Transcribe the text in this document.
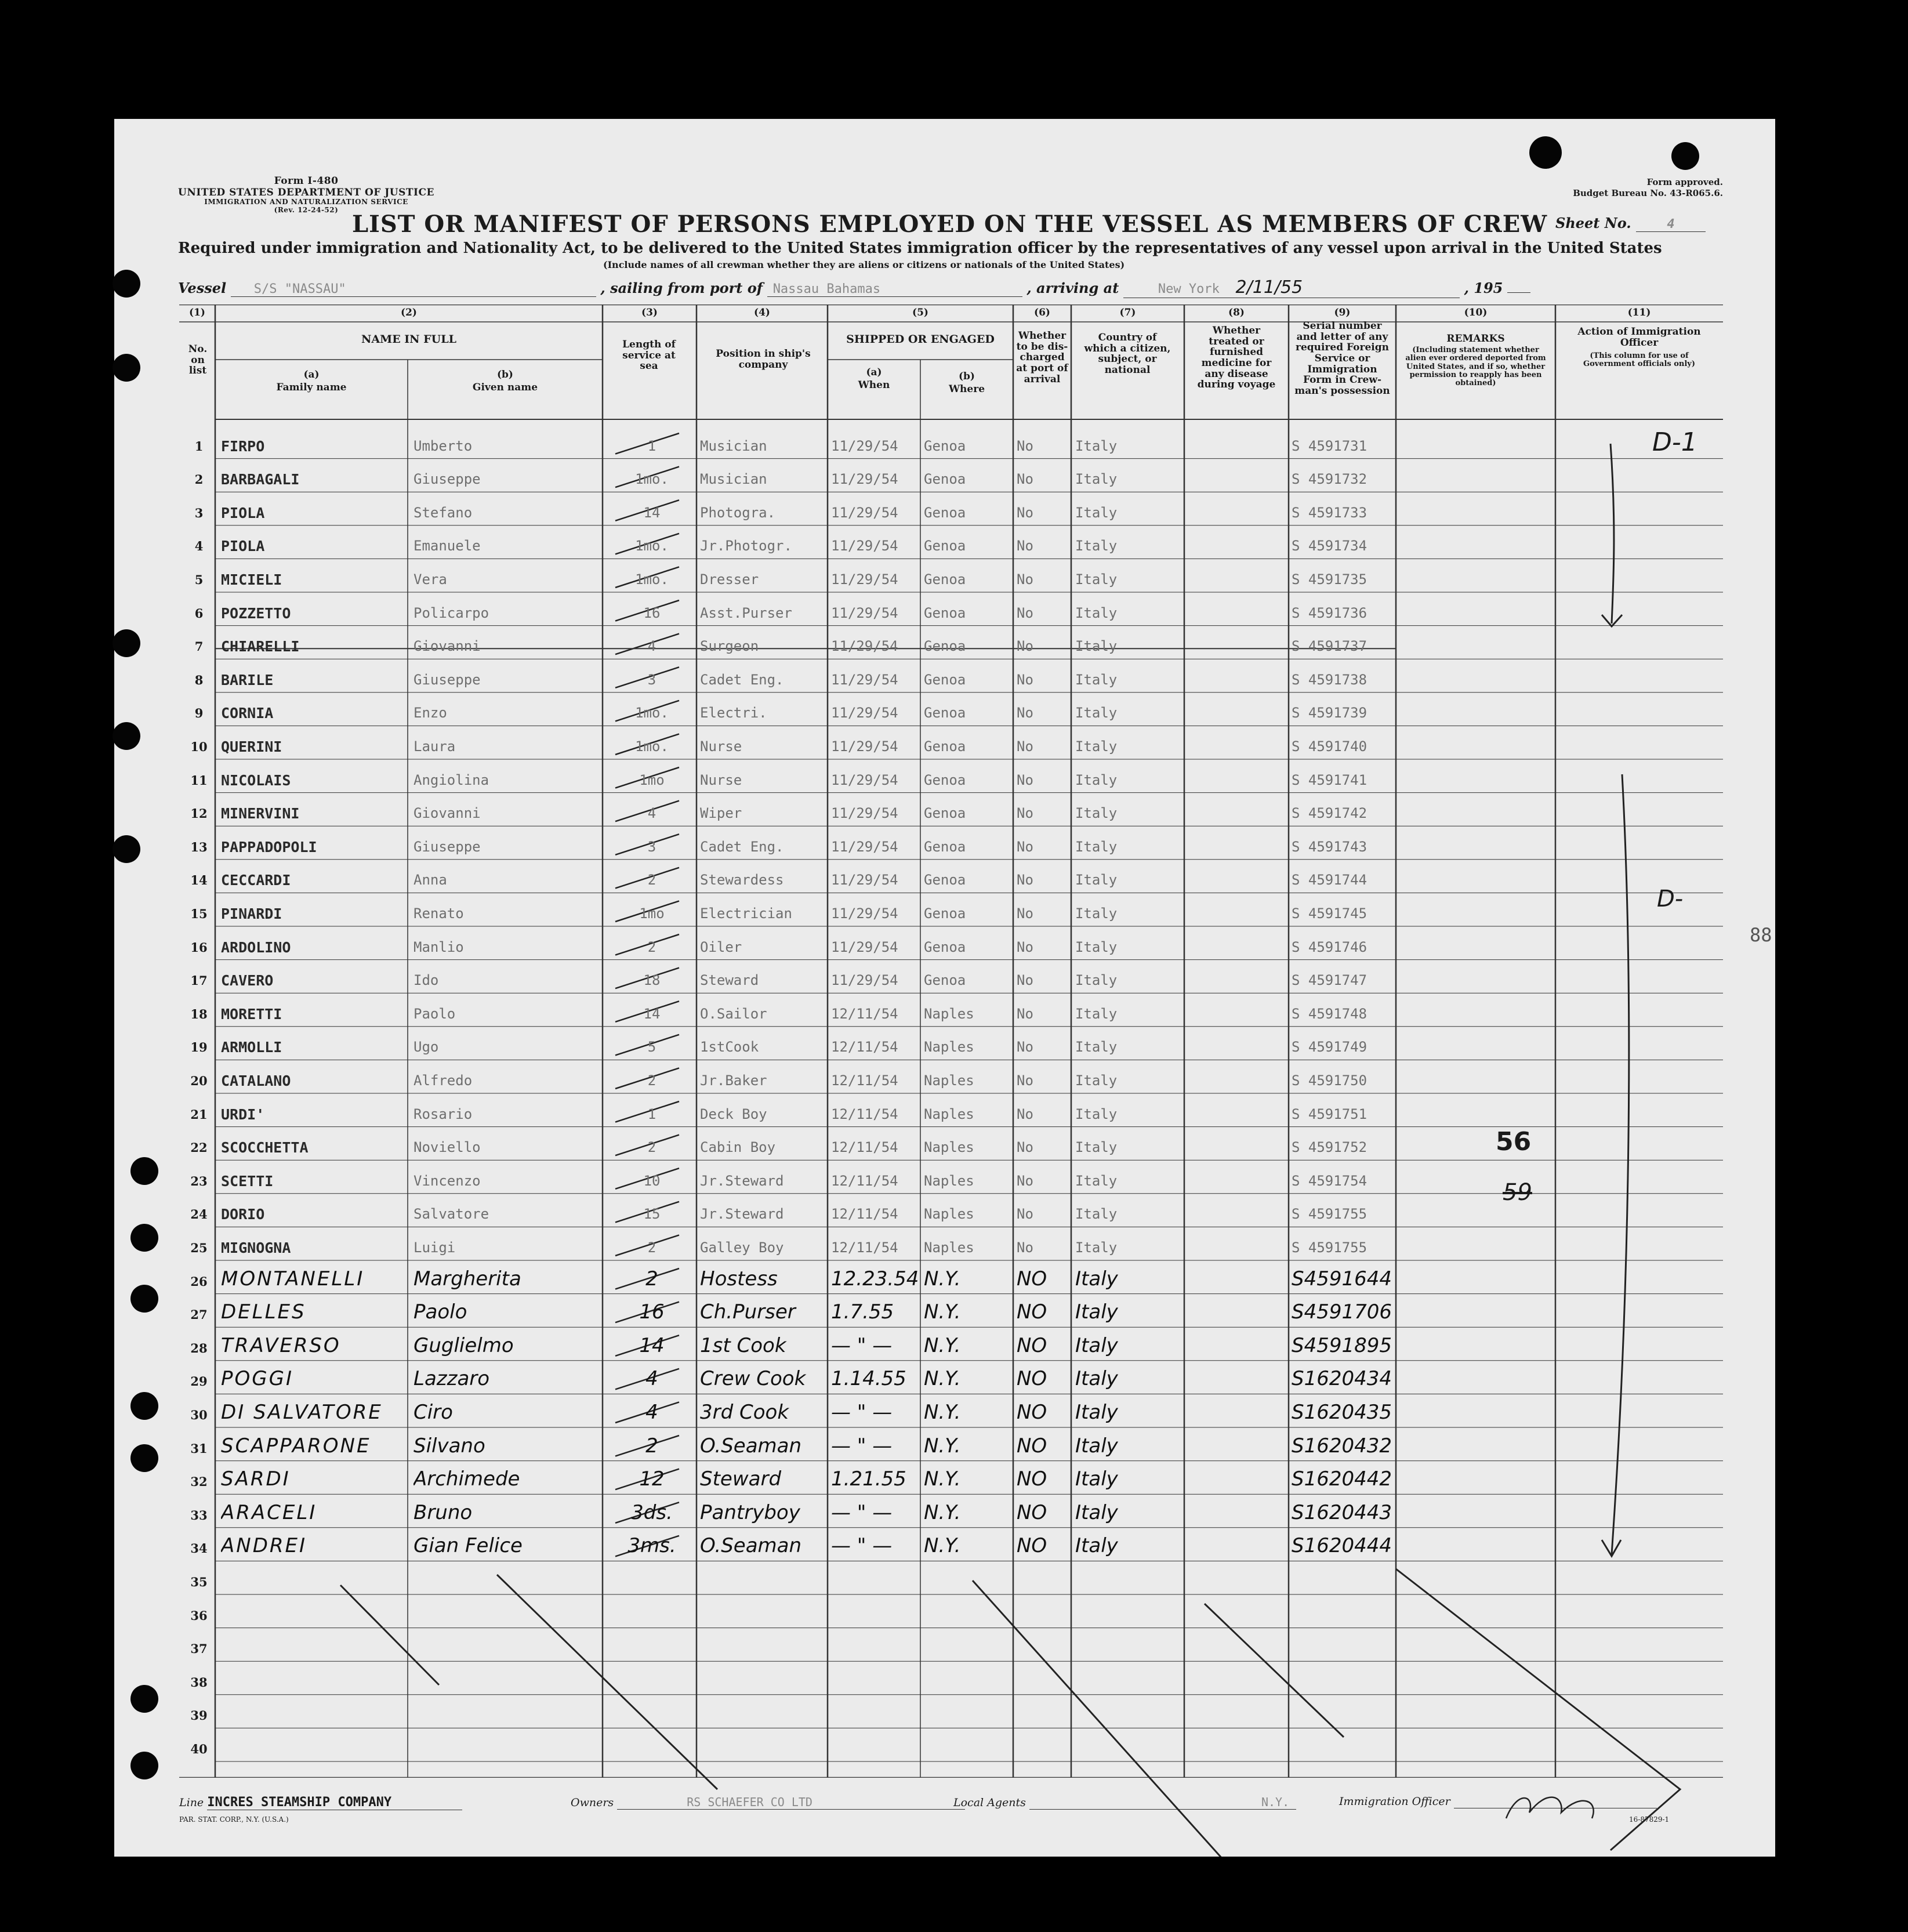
Form I-480
UNITED STATES DEPARTMENT OF JUSTICE
IMMIGRATION AND NATURALIZATION SERVICE
(Rev. 12-24-52)
Form approved.
Budget Bureau No. 43-R065.6.
LIST OR MANIFEST OF PERSONS EMPLOYED ON THE VESSEL AS MEMBERS OF CREW Sheet No.	4
Required under immigration and Nationality Act, to be delivered to the United States immigration officer by the representatives of any vessel upon arrival in the United States
(Include names of all crewman whether they are aliens or citizens or nationals of the United States)
Vessel S/S "NASSAU"	, sailing from port of Nassau Bahamas	, arriving at	New York 2/11/55	, 195
(1)	(2)	(3)	(4)	(5)	(6)	(7)	(8)	(9)	(10)	(11)
No. on list
NAME IN FULL
(a)
Family name
(b)
Given name
Length of service at sea
Position in ship's company
SHIPPED OR ENGAGED
(a)
When
(b)
Where
Whether to be dis-charged at port of arrival
Country of which a citizen, subject, or national
Whether treated or furnished medicine for any disease during voyage
Serial number and letter of any required Foreign Service or Immigration Form in Crew-man's possession
REMARKS
(Including statement whether alien ever ordered deported from United States, and if so, whether permission to reapply has been obtained)
Action of Immigration Officer
(This column for use of Government officials only)
1	FIRPO	Umberto	1	Musician	11/29/54	Genoa	No	Italy	S 4591731
2	BARBAGALI	Giuseppe	1mo.	Musician	11/29/54	Genoa	No	Italy	S 4591732
3	PIOLA	Stefano	14	Photogra.	11/29/54	Genoa	No	Italy	S 4591733
4	PIOLA	Emanuele	1mo.	Jr.Photogr.	11/29/54	Genoa	No	Italy	S 4591734
5	MICIELI	Vera	1mo.	Dresser	11/29/54	Genoa	No	Italy	S 4591735
6	POZZETTO	Policarpo	16	Asst.Purser	11/29/54	Genoa	No	Italy	S 4591736
7	CHIARELLI	Giovanni	4	Surgeon	11/29/54	Genoa	No	Italy	S 4591737
8	BARILE	Giuseppe	3	Cadet Eng.	11/29/54	Genoa	No	Italy	S 4591738
9	CORNIA	Enzo	1mo.	Electri.	11/29/54	Genoa	No	Italy	S 4591739
10 QUERINI	Laura	1mo.	Nurse	11/29/54	Genoa	No	Italy	S 4591740
11 NICOLAIS	Angiolina	1mo	Nurse	11/29/54	Genoa	No	Italy	S 4591741
12 MINERVINI	Giovanni	4	Wiper	11/29/54	Genoa	No	Italy	S 4591742
13 PAPPADOPOLI	Giuseppe	3	Cadet Eng.	11/29/54	Genoa	No	Italy	S 4591743
14 CECCARDI	Anna	2	Stewardess	11/29/54	Genoa	No	Italy	S 4591744
15 PINARDI	Renato	1mo	Electrician	11/29/54	Genoa	No	Italy	S 4591745
16 ARDOLINO	Manlio	2	Oiler	11/29/54	Genoa	No	Italy	S 4591746
17 CAVERO	Ido	18	Steward	11/29/54	Genoa	No	Italy	S 4591747
18 MORETTI	Paolo	14	O.Sailor	12/11/54	Naples	No	Italy	S 4591748
19 ARMOLLI	Ugo	5	1stCook	12/11/54	Naples	No	Italy	S 4591749
20 CATALANO	Alfredo	2	Jr.Baker	12/11/54	Naples	No	Italy	S 4591750
21 URDI'	Rosario	1	Deck Boy	12/11/54	Naples	No	Italy	S 4591751
22 SCOCCHETTA	Noviello	2	Cabin Boy	12/11/54	Naples	No	Italy	S 4591752
23 SCETTI	Vincenzo	10	Jr.Steward	12/11/54	Naples	No	Italy	S 4591754
24 DORIO	Salvatore	15	Jr.Steward	12/11/54	Naples	No	Italy	S 4591755
25 MIGNOGNA	Luigi	2	Galley Boy	12/11/54	Naples	No	Italy	S 4591755
26 MONTANELLI	Margherita	2	Hostess	12.23.54 N.Y.	NO	Italy	S4591644
27 DELLES	Paolo	16	Ch.Purser	1.7.55	N.Y.	NO	Italy	S4591706
28 TRAVERSO	Guglielmo	14	1st Cook	— " —	N.Y.	NO	Italy	S4591895
29 POGGI	Lazzaro	4	Crew Cook	1.14.55 N.Y.	NO	Italy	S1620434
30 DI SALVATORE	Ciro	4	3rd Cook	— " —	N.Y.	NO	Italy	S1620435
31 SCAPPARONE	Silvano	2	O.Seaman	— " —	N.Y.	NO	Italy	S1620432
32 SARDI	Archimede	12	Steward	1.21.55 N.Y.	NO	Italy	S1620442
33 ARACELI	Bruno	3ds.	Pantryboy	— " —	N.Y.	NO	Italy	S1620443
34 ANDREI	Gian Felice	3ms.	O.Seaman	— " —	N.Y.	NO	Italy	S1620444
35
36
37
38
39
40
D-1
D-
88
56
59
Line INCRES STEAMSHIP COMPANY	Owners	RS SCHAEFER CO LTD	Local Agents	N.Y.	Immigration Officer
PAR. STAT. CORP., N.Y. (U.S.A.)	16-87829-1
